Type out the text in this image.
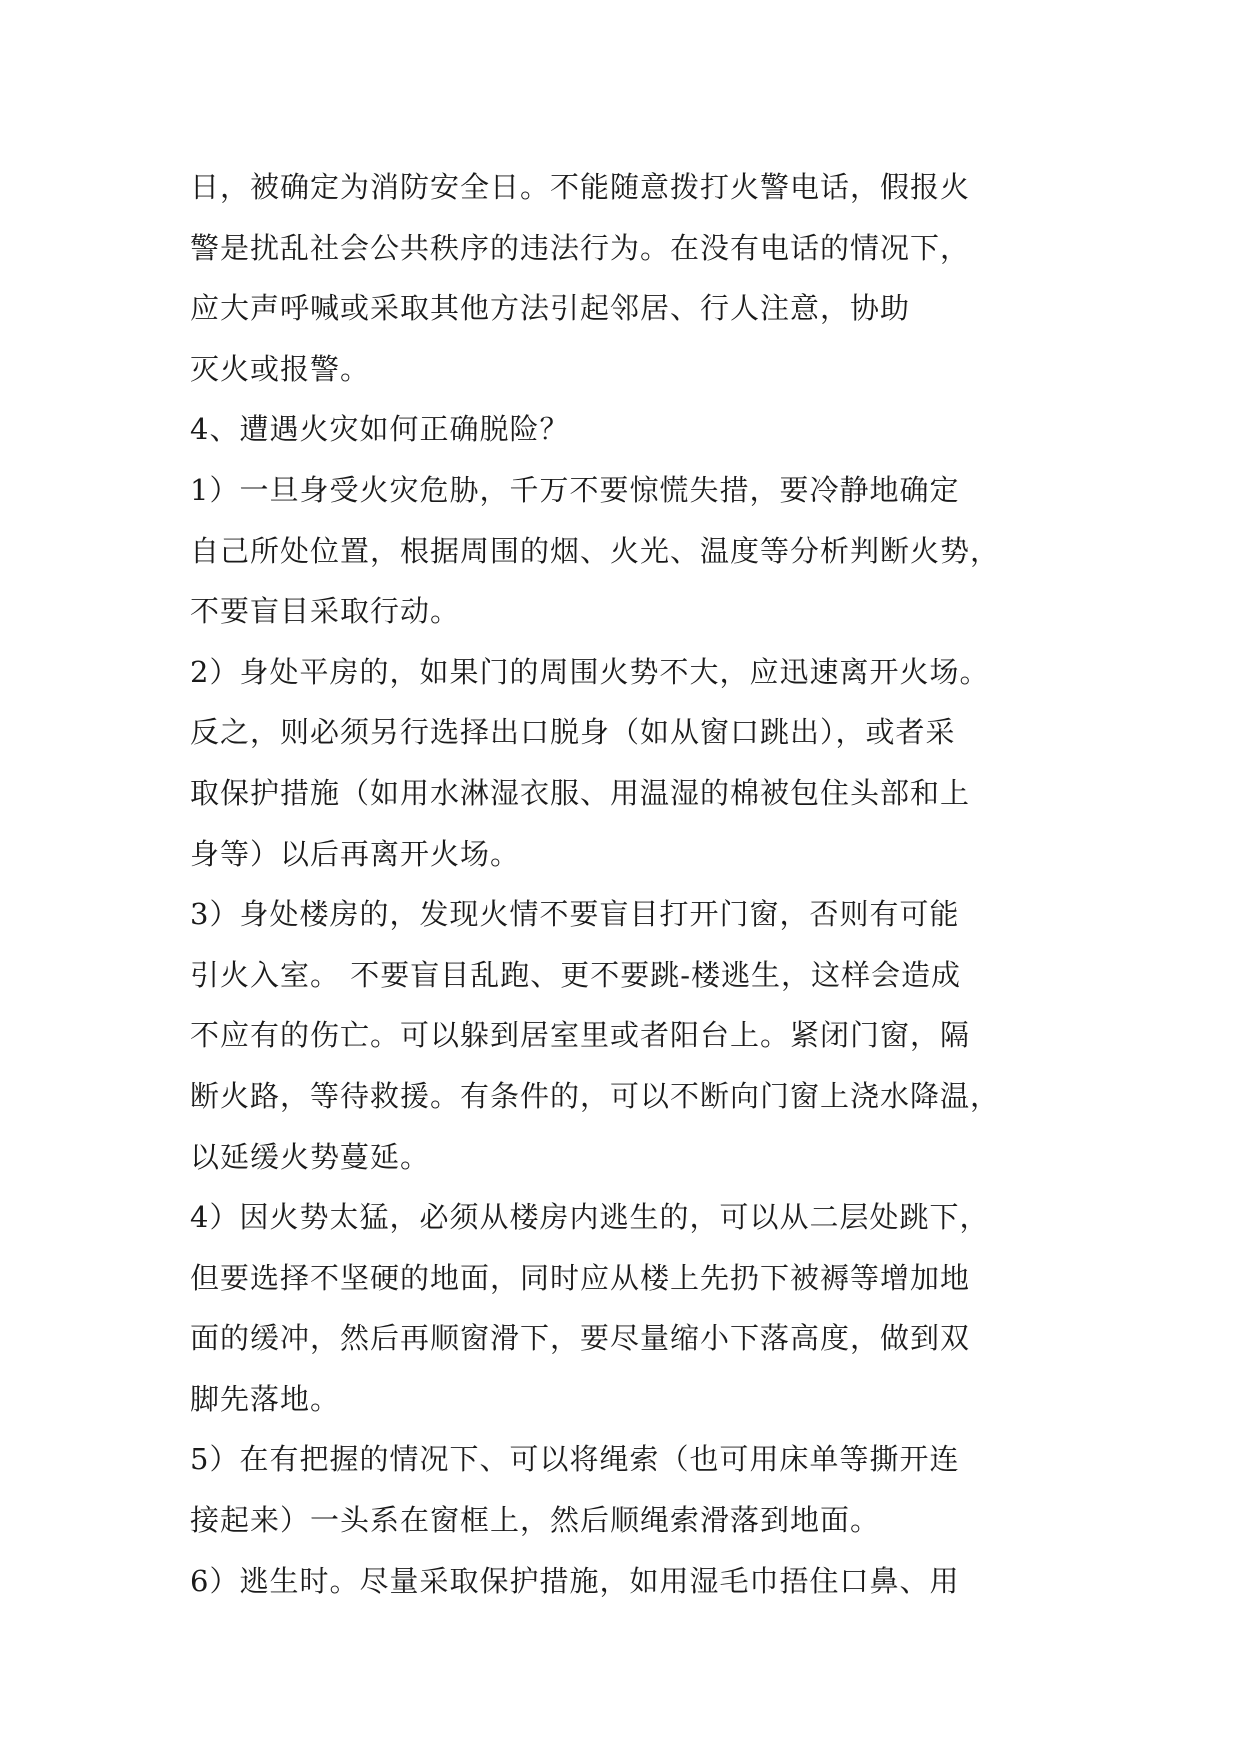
日，被确定为消防安全日。不能随意拨打火警电话，假报火
警是扰乱社会公共秩序的违法行为。在没有电话的情况下，
应大声呼喊或采取其他方法引起邻居、行人注意，协助
灭火或报警。
4、遭遇火灾如何正确脱险？
1）一旦身受火灾危胁，千万不要惊慌失措，要冷静地确定
自己所处位置，根据周围的烟、火光、温度等分析判断火势，
不要盲目采取行动。
2）身处平房的，如果门的周围火势不大，应迅速离开火场。
反之，则必须另行选择出口脱身（如从窗口跳出），或者采
取保护措施（如用水淋湿衣服、用温湿的棉被包住头部和上
身等）以后再离开火场。
3）身处楼房的，发现火情不要盲目打开门窗，否则有可能
引火入室。 不要盲目乱跑、更不要跳-楼逃生，这样会造成
不应有的伤亡。可以躲到居室里或者阳台上。紧闭门窗，隔
断火路，等待救援。有条件的，可以不断向门窗上浇水降温，
以延缓火势蔓延。
4）因火势太猛，必须从楼房内逃生的，可以从二层处跳下，
但要选择不坚硬的地面，同时应从楼上先扔下被褥等增加地
面的缓冲，然后再顺窗滑下，要尽量缩小下落高度，做到双
脚先落地。
5）在有把握的情况下、可以将绳索（也可用床单等撕开连
接起来）一头系在窗框上，然后顺绳索滑落到地面。
6）逃生时。尽量采取保护措施，如用湿毛巾捂住口鼻、用
